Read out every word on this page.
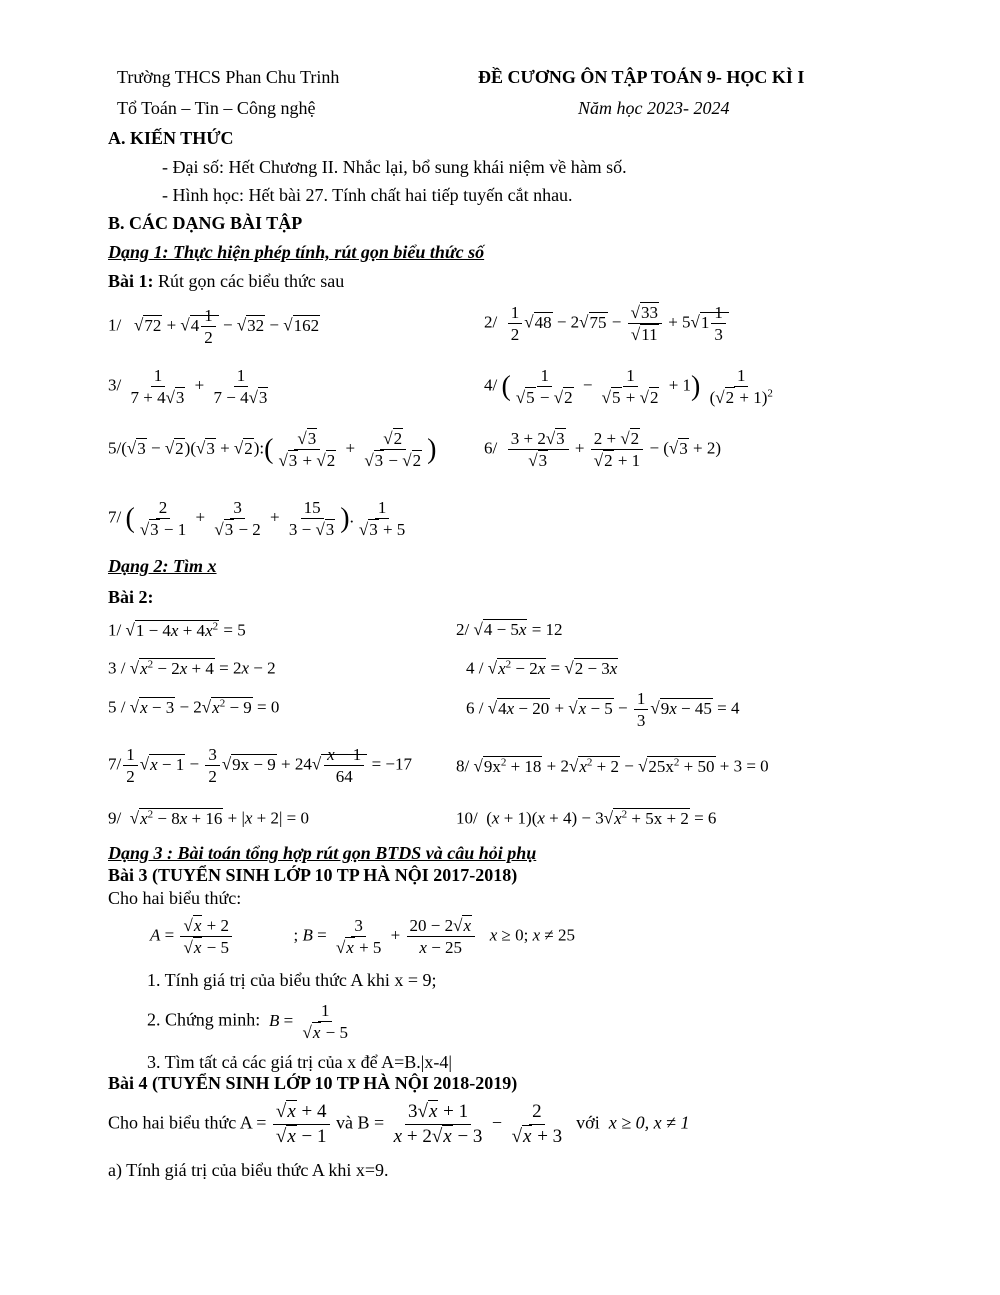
Trường THCS Phan Chu Trinh	ĐỀ CƯƠNG ÔN TẬP TOÁN 9- HỌC KÌ I
Tổ Toán – Tin – Công nghệ	Năm học 2023- 2024
A. KIẾN THỨC
- Đại số: Hết Chương II. Nhắc lại, bổ sung khái niệm về hàm số.
- Hình học: Hết bài 27. Tính chất hai tiếp tuyến cắt nhau.
B. CÁC DẠNG BÀI TẬP
Dạng 1: Thực hiện phép tính, rút gọn biểu thức số
Bài 1: Rút gọn các biểu thức sau
1/   $√72 + √4 \frac{1}{2} - √32 - √162$	$2/ \frac{1}{2} √48 - 2√75 - \frac{√33}{√11} + 5√1 \frac{1}{3}$
$3/ \frac{1}{7 + 4√3} + \frac{1}{7 - 4√3}$	4/ ( $\frac{1}{√5 - √2} - \frac{1}{√5 + √2} + 1) \frac{1}{(√2 + 1)^2}$
5/(√3 − √2)(√3 + √2):( $\frac{√3}{√3 + √2} + \frac{√2}{√3 - √2}$ )	$6/ \frac{3 + 2√3}{√3} + \frac{2 + √2}{√2 + 1} - (√3 + 2)$
7/ ( $\frac{2}{√3 - 1} + \frac{3}{√3 - 2} + \frac{15}{3 - √3}$ ). $\frac{1}{√3 + 5}$
Dạng 2: Tìm x
Bài 2:
1/ $√1 - 4x + 4x^2 = 5$	2/ √4 − 5x = 12
$3 / √x^2 - 2x + 4 = 2x - 2$	$4 / √x^2 - 2x = √2 - 3x$
$5 / √x - 3 - 2√x^2 - 9 = 0$	$6 / √4x - 20 + √x - 5 - \frac{1}{3} √9x - 45 = 4$
$7/ \frac{1}{2} √x - 1 - \frac{3}{2} √9x - 9 + 24√ \frac{x - 1}{64} = -17$	8/ $√9x^2 + 18 + 2√x^2 + 2 - √25x^2 + 50 + 3 = 0$
9/  $√x^2 - 8x + 16 + |x + 2| = 0$	10/  $(x + 1)(x + 4) - 3√x^2 + 5x + 2 = 6$
Dạng 3 : Bài toán tổng hợp rút gọn BTDS và câu hỏi phụ
Bài 3 (TUYỂN SINH LỚP 10 TP HÀ NỘI 2017-2018)
Cho hai biểu thức:
$A = \frac{√x + 2}{√x - 5}$ ; $B = \frac{3}{√x + 5} + \frac{20 - 2√x}{x - 25}$ x ≥ 0; x ≠ 25
1. Tính giá trị của biểu thức A khi x = 9;
2. Chứng minh: $B = \frac{1}{√x - 5}$
3. Tìm tất cả các giá trị của x để A=B.|x-4|
Bài 4 (TUYỂN SINH LỚP 10 TP HÀ NỘI 2018-2019)
Cho hai biểu thức $A = \frac{√x + 4}{√x - 1}$ và $B = \frac{3√x + 1}{x + 2√x - 3} - \frac{2}{√x + 3}$ với x ≥ 0, x ≠ 1
a) Tính giá trị của biểu thức A khi x=9.
